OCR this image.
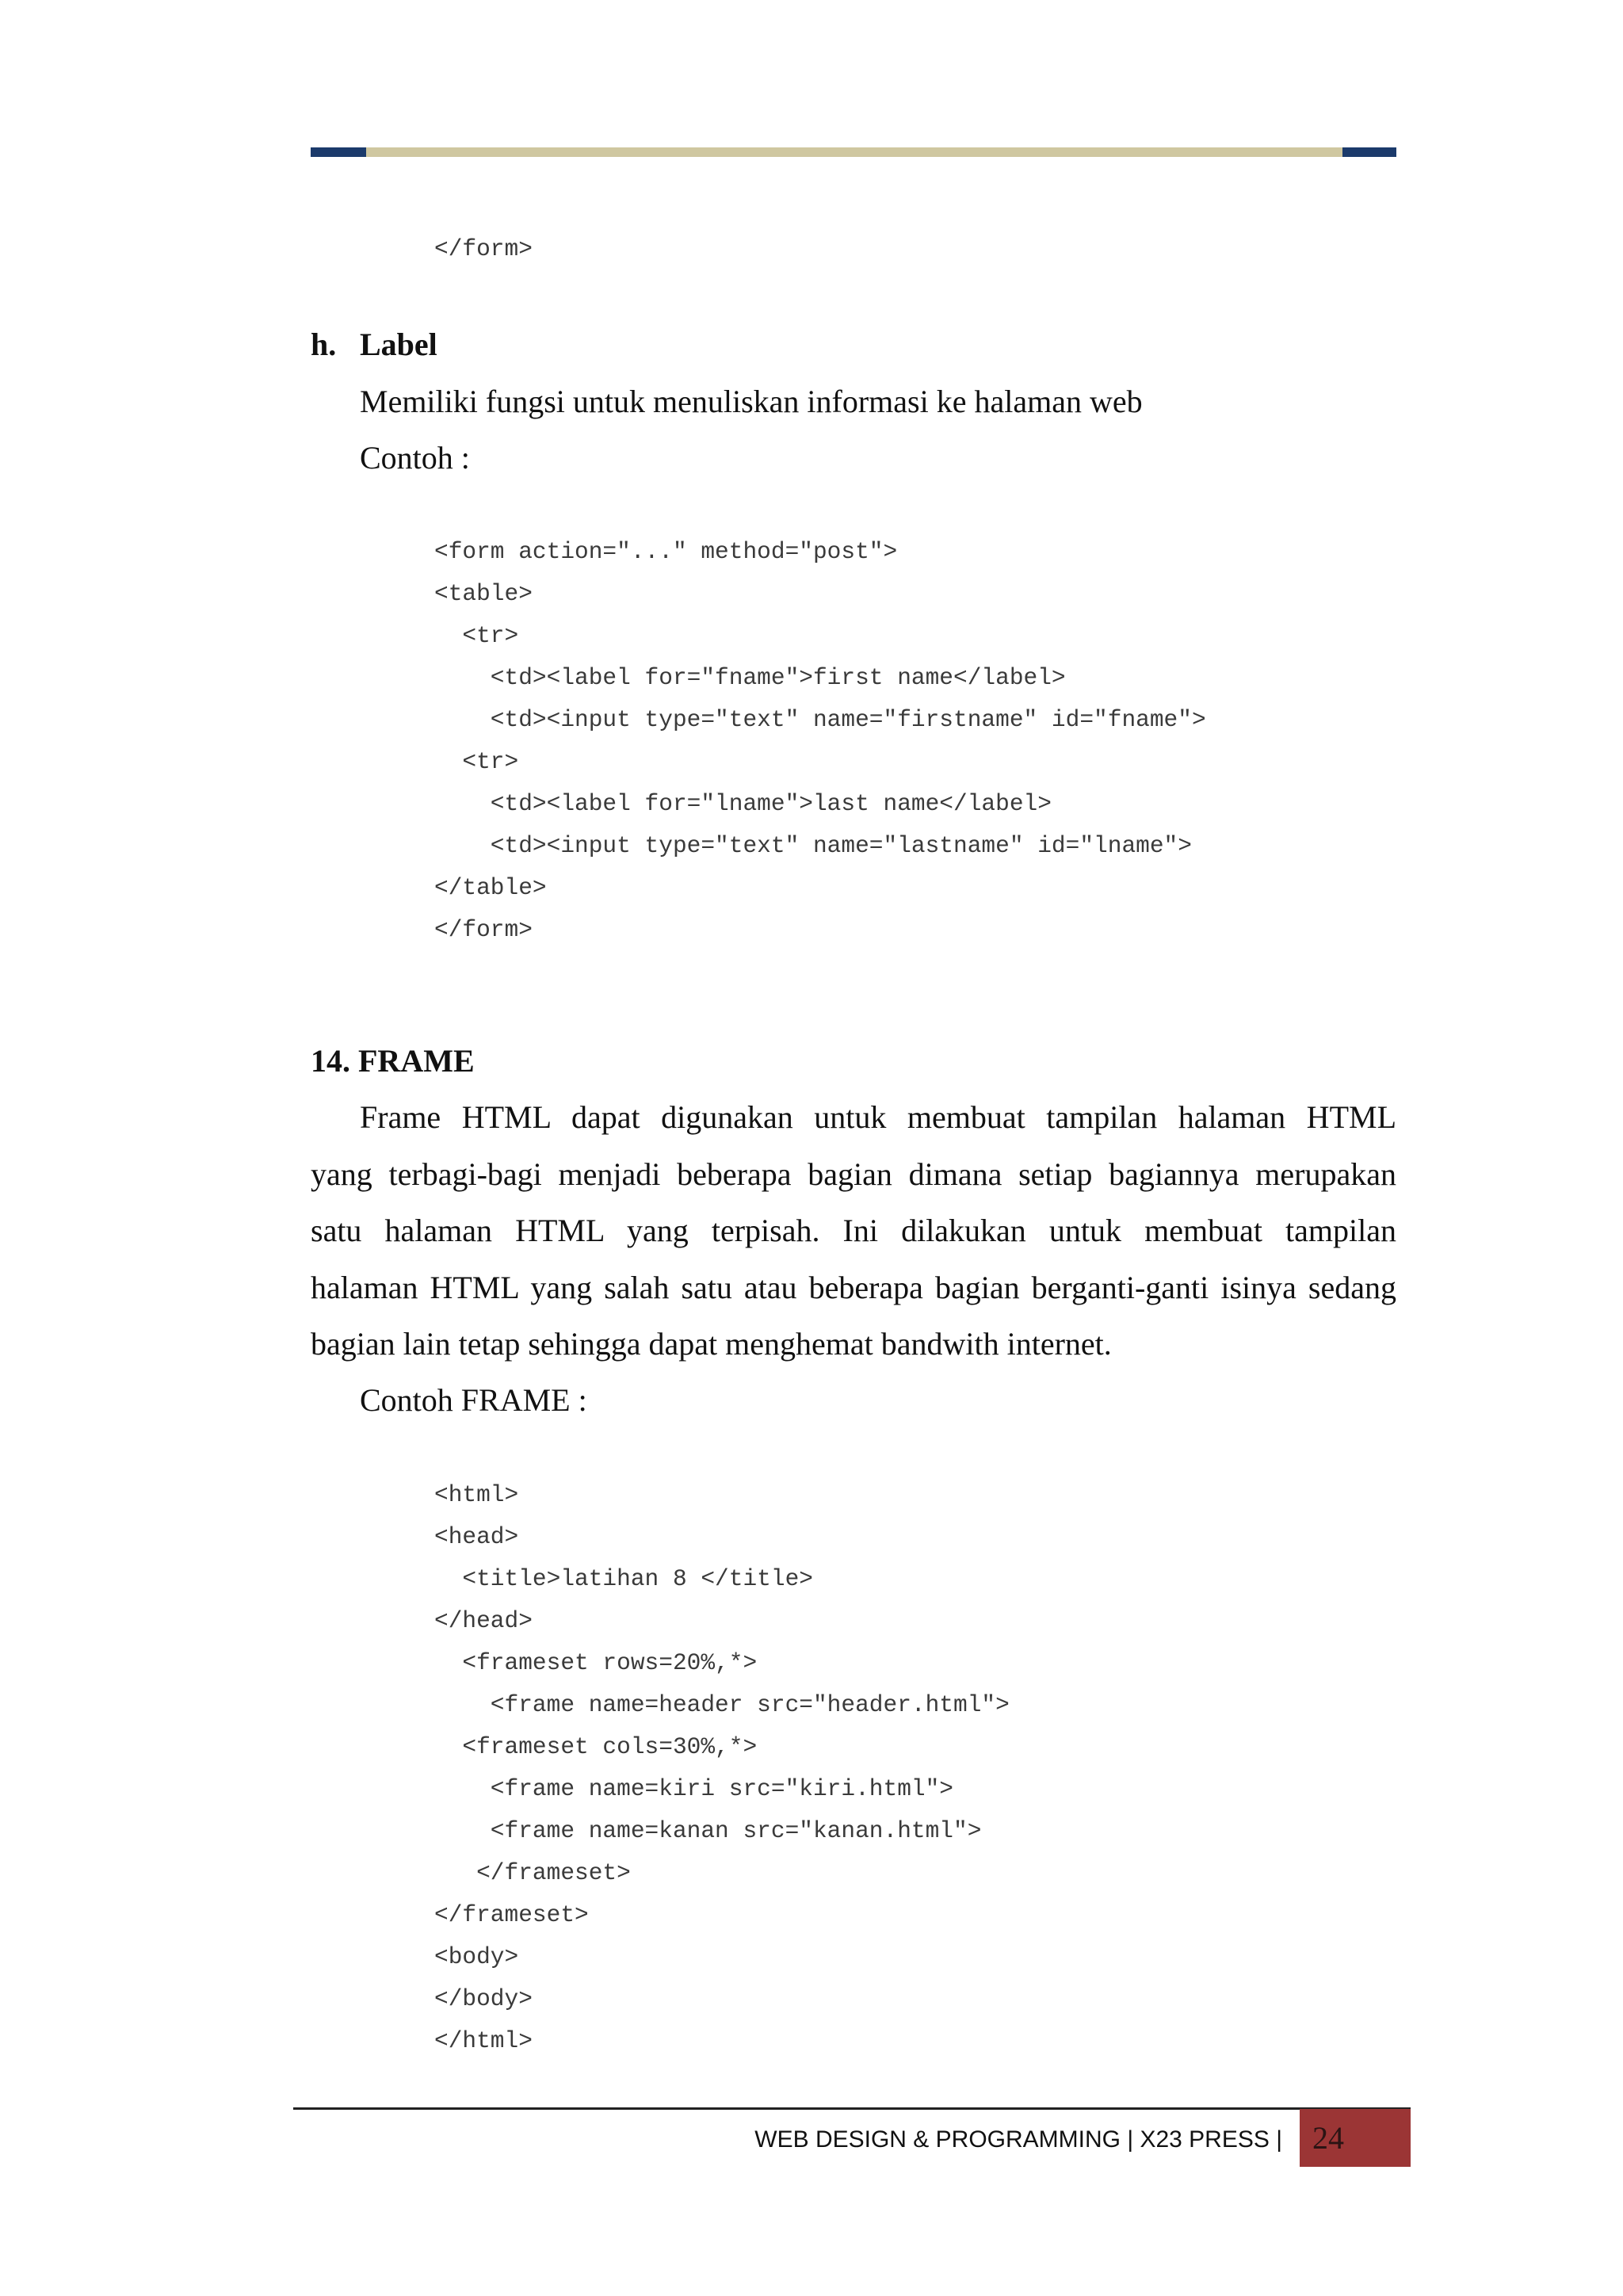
</form>
h. Label
Memiliki fungsi untuk menuliskan informasi ke halaman web
Contoh :
<form action="..." method="post">
<table>
<tr>
<td><label for="fname">first name</label>
<td><input type="text" name="firstname" id="fname">
<tr>
<td><label for="lname">last name</label>
<td><input type="text" name="lastname" id="lname">
</table>
</form>
14. FRAME
Frame HTML dapat digunakan untuk membuat tampilan halaman HTML
yang terbagi-bagi menjadi beberapa bagian dimana setiap bagiannya merupakan
satu halaman HTML yang terpisah. Ini dilakukan untuk membuat tampilan
halaman HTML yang salah satu atau beberapa bagian berganti-ganti isinya sedang
bagian lain tetap sehingga dapat menghemat bandwith internet.
Contoh FRAME :
<html>
<head>
<title>latihan 8 </title>
</head>
<frameset rows=20%,*>
<frame name=header src="header.html">
<frameset cols=30%,*>
<frame name=kiri src="kiri.html">
<frame name=kanan src="kanan.html">
</frameset>
</frameset>
<body>
</body>
</html>
WEB DESIGN & PROGRAMMING | X23 PRESS | 24
